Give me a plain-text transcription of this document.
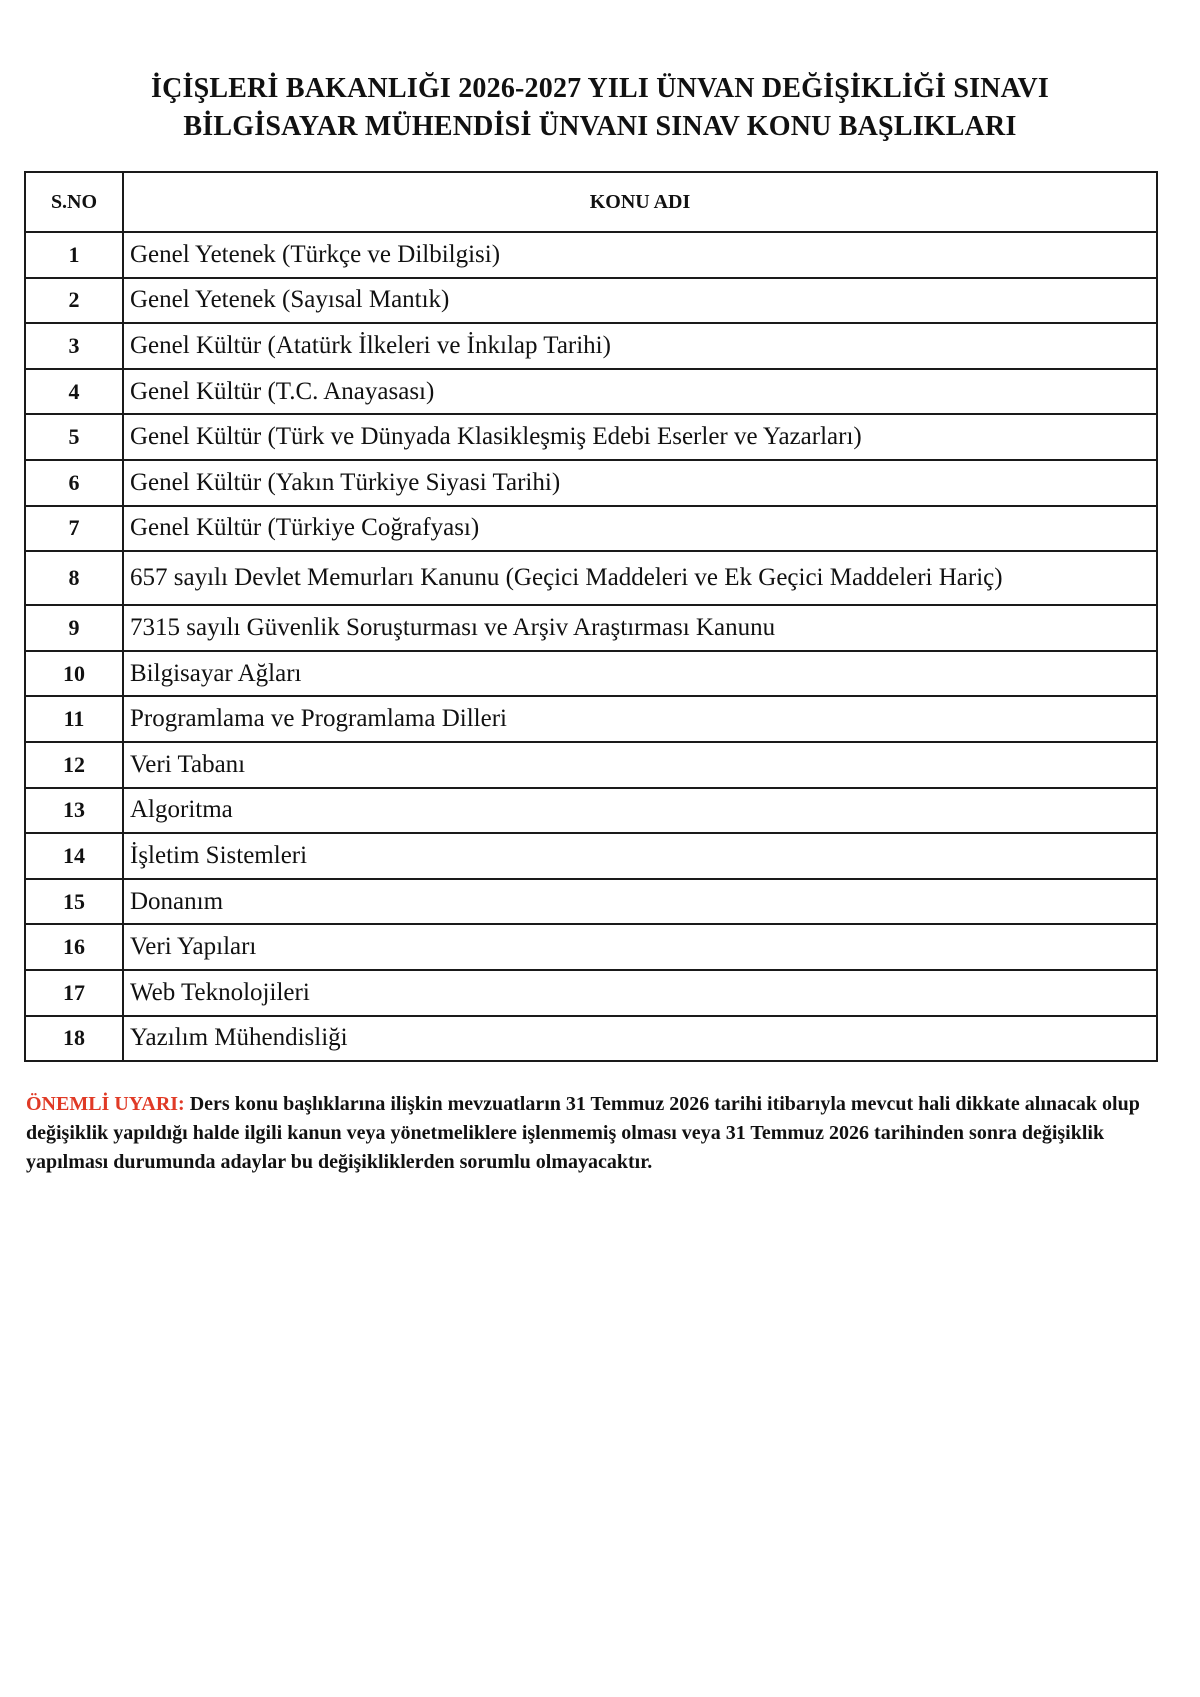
İÇİŞLERİ BAKANLIĞI 2026-2027 YILI ÜNVAN DEĞİŞİKLİĞİ SINAVI
BİLGİSAYAR MÜHENDİSİ ÜNVANI SINAV KONU BAŞLIKLARI
S.NO	KONU ADI
1	Genel Yetenek (Türkçe ve Dilbilgisi)
2	Genel Yetenek (Sayısal Mantık)
3	Genel Kültür (Atatürk İlkeleri ve İnkılap Tarihi)
4	Genel Kültür (T.C. Anayasası)
5	Genel Kültür (Türk ve Dünyada Klasikleşmiş Edebi Eserler ve Yazarları)
6	Genel Kültür (Yakın Türkiye Siyasi Tarihi)
7	Genel Kültür (Türkiye Coğrafyası)
8	657 sayılı Devlet Memurları Kanunu (Geçici Maddeleri ve Ek Geçici Maddeleri Hariç)
9	7315 sayılı Güvenlik Soruşturması ve Arşiv Araştırması Kanunu
10	Bilgisayar Ağları
11	Programlama ve Programlama Dilleri
12	Veri Tabanı
13	Algoritma
14	İşletim Sistemleri
15	Donanım
16	Veri Yapıları
17	Web Teknolojileri
18	Yazılım Mühendisliği

ÖNEMLİ UYARI: Ders konu başlıklarına ilişkin mevzuatların 31 Temmuz 2026 tarihi itibarıyla mevcut hali dikkate alınacak olup değişiklik yapıldığı halde ilgili kanun veya yönetmeliklere işlenmemiş olması veya 31 Temmuz 2026 tarihinden sonra değişiklik yapılması durumunda adaylar bu değişikliklerden sorumlu olmayacaktır.
